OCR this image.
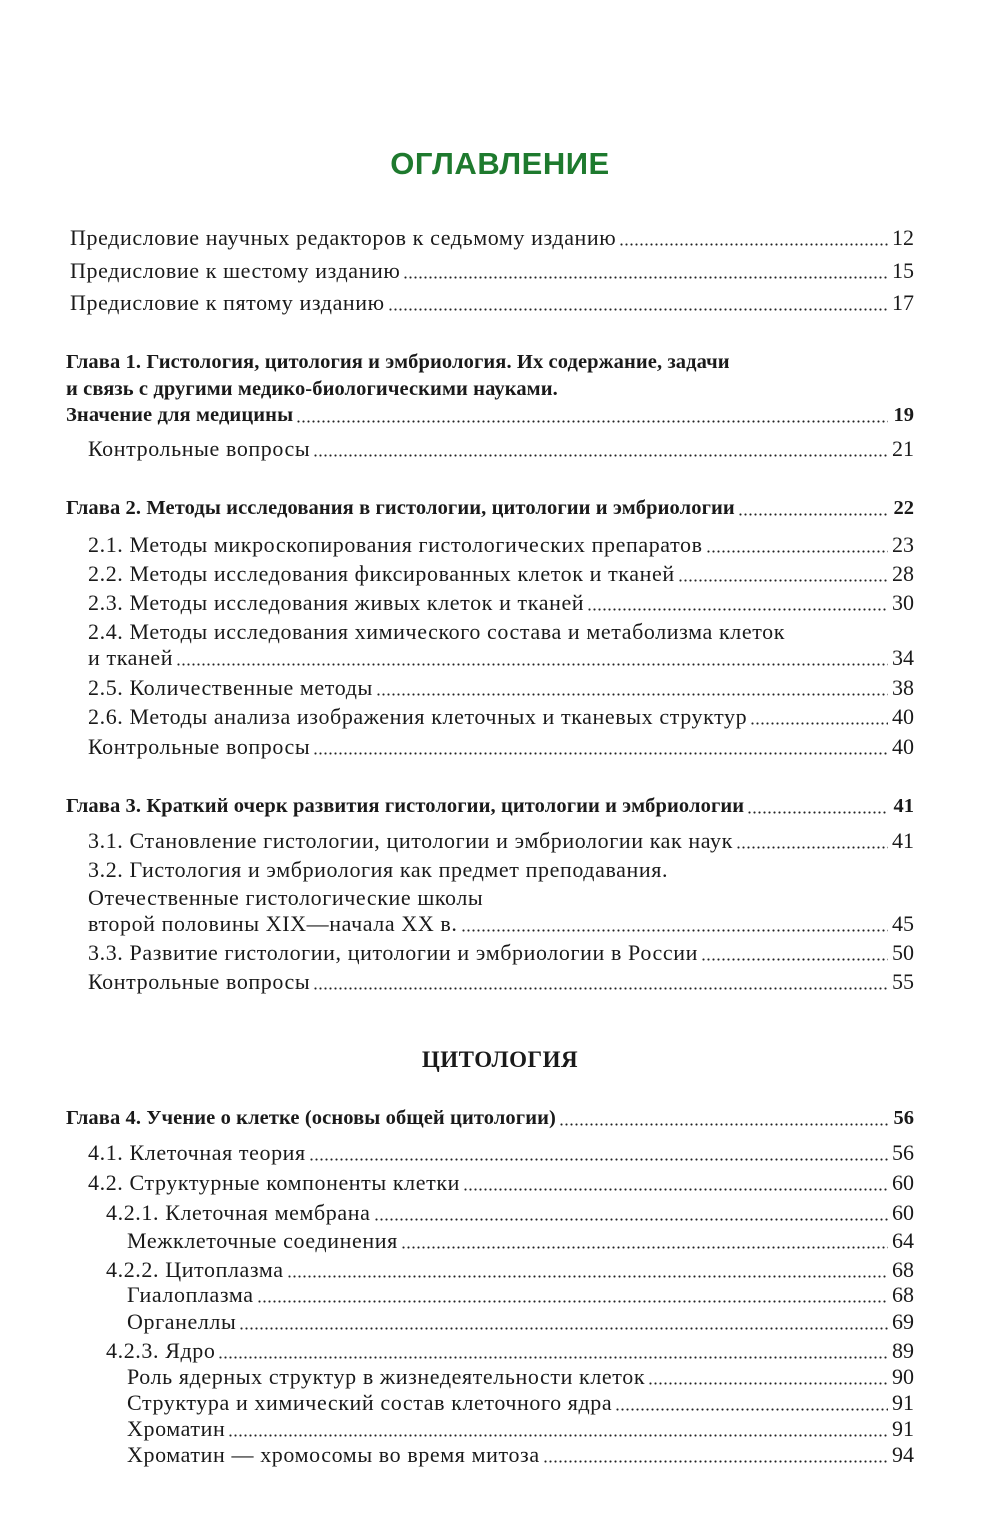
ОГЛАВЛЕНИЕ
Предисловие научных редакторов к седьмому изданию	12
Предисловие к шестому изданию	15
Предисловие к пятому изданию	17
Глава 1. Гистология, цитология и эмбриология. Их содержание, задачи
и связь с другими медико-биологическими науками.
Значение для медицины	19
Контрольные вопросы	21
Глава 2. Методы исследования в гистологии, цитологии и эмбриологии	22
2.1. Методы микроскопирования гистологических препаратов	23
2.2. Методы исследования фиксированных клеток и тканей	28
2.3. Методы исследования живых клеток и тканей	30
2.4. Методы исследования химического состава и метаболизма клеток
и тканей	34
2.5. Количественные методы	38
2.6. Методы анализа изображения клеточных и тканевых структур	40
Контрольные вопросы	40
Глава 3. Краткий очерк развития гистологии, цитологии и эмбриологии	41
3.1. Становление гистологии, цитологии и эмбриологии как наук	41
3.2. Гистология и эмбриология как предмет преподавания.
Отечественные гистологические школы
второй половины XIX—начала XX в.	45
3.3. Развитие гистологии, цитологии и эмбриологии в России	50
Контрольные вопросы	55
ЦИТОЛОГИЯ
Глава 4. Учение о клетке (основы общей цитологии)	56
4.1. Клеточная теория	56
4.2. Структурные компоненты клетки	60
4.2.1. Клеточная мембрана	60
Межклеточные соединения	64
4.2.2. Цитоплазма	68
Гиалоплазма	68
Органеллы	69
4.2.3. Ядро	89
Роль ядерных структур в жизнедеятельности клеток	90
Структура и химический состав клеточного ядра	91
Хроматин	91
Хроматин — хромосомы во время митоза	94
